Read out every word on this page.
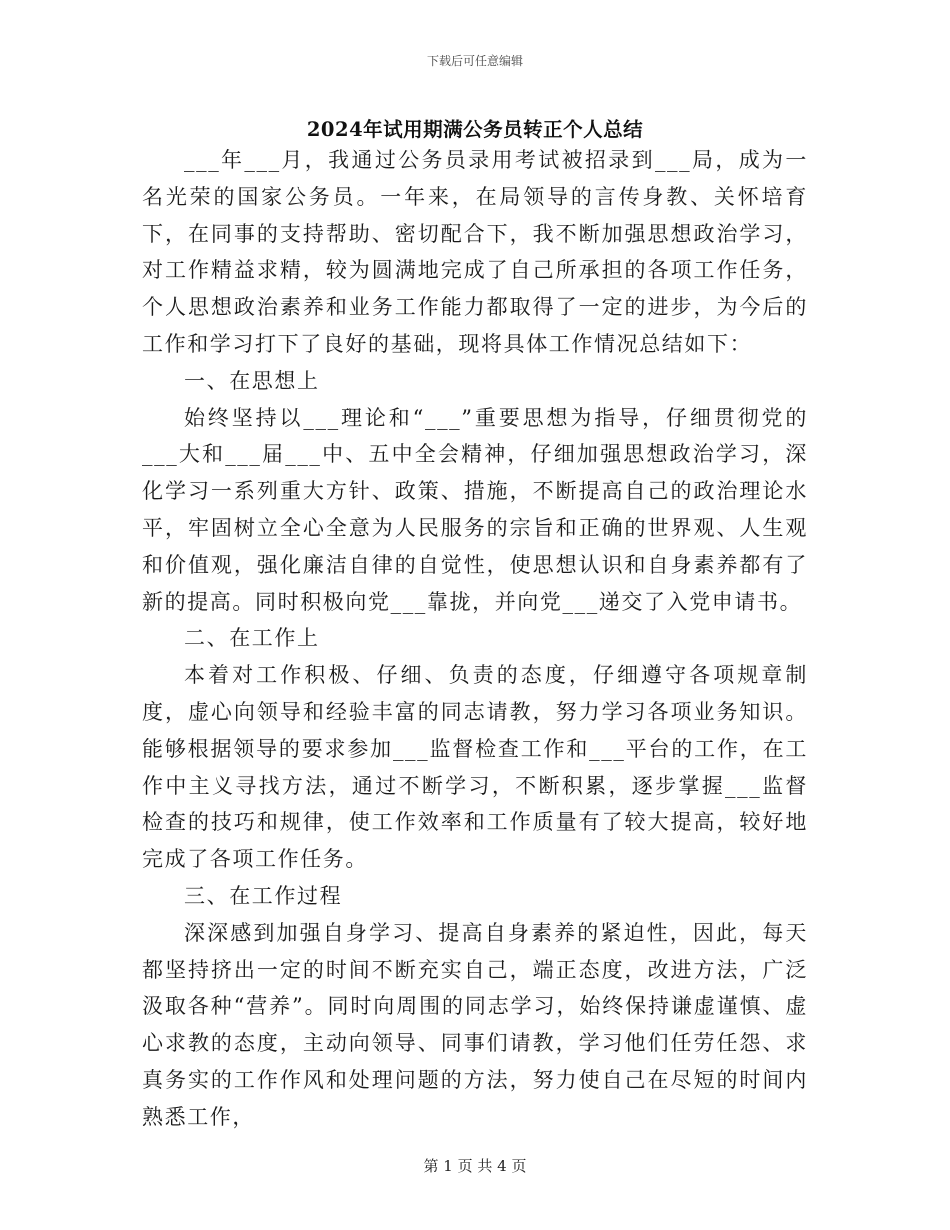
下载后可任意编辑
2024年试用期满公务员转正个人总结

___年___月，我通过公务员录用考试被招录到___局，成为一名光荣的国家公务员。一年来，在局领导的言传身教、关怀培育下，在同事的支持帮助、密切配合下，我不断加强思想政治学习，对工作精益求精，较为圆满地完成了自己所承担的各项工作任务，个人思想政治素养和业务工作能力都取得了一定的进步，为今后的工作和学习打下了良好的基础，现将具体工作情况总结如下：

一、在思想上

始终坚持以___理论和“___”重要思想为指导，仔细贯彻党的___大和___届___中、五中全会精神，仔细加强思想政治学习，深化学习一系列重大方针、政策、措施，不断提高自己的政治理论水平，牢固树立全心全意为人民服务的宗旨和正确的世界观、人生观和价值观，强化廉洁自律的自觉性，使思想认识和自身素养都有了新的提高。同时积极向党___靠拢，并向党___递交了入党申请书。

二、在工作上

本着对工作积极、仔细、负责的态度，仔细遵守各项规章制度，虚心向领导和经验丰富的同志请教，努力学习各项业务知识。能够根据领导的要求参加___监督检查工作和___平台的工作，在工作中主义寻找方法，通过不断学习，不断积累，逐步掌握___监督检查的技巧和规律，使工作效率和工作质量有了较大提高，较好地完成了各项工作任务。

三、在工作过程

深深感到加强自身学习、提高自身素养的紧迫性，因此，每天都坚持挤出一定的时间不断充实自己，端正态度，改进方法，广泛汲取各种“营养”。同时向周围的同志学习，始终保持谦虚谨慎、虚心求教的态度，主动向领导、同事们请教，学习他们任劳任怨、求真务实的工作作风和处理问题的方法，努力使自己在尽短的时间内熟悉工作，

第 1 页 共 4 页
